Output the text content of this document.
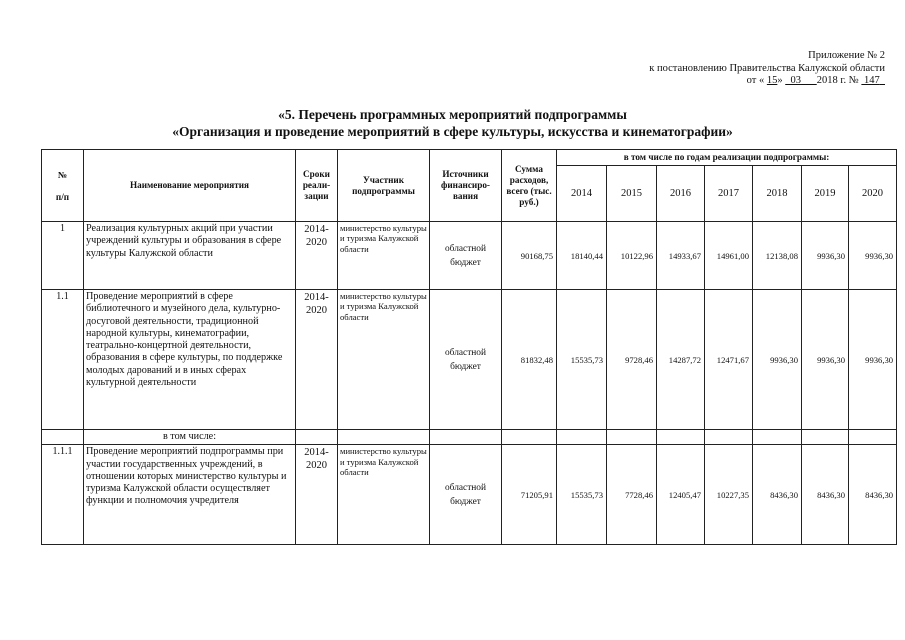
Приложение № 2
к постановлению Правительства Калужской области
от « 15» 03 2018 г. № 147
«5. Перечень программных мероприятий подпрограммы
«Организация и проведение мероприятий в сфере культуры, искусства и кинематографии»
№
п/п	Наименование мероприятия	Сроки реали-зации	Участник подпрограммы	Источники финансиро-вания	Сумма расходов, всего (тыс. руб.)	в том числе по годам реализации подпрограммы:						
						2014	2015	2016	2017	2018	2019	2020
1	Реализация культурных акций при участии учреждений культуры и образования в сфере культуры Калужской области	2014-2020	министерство культуры и туризма Калужской области	областной бюджет	90168,75	18140,44	10122,96	14933,67	14961,00	12138,08	9936,30	9936,30
1.1	Проведение мероприятий в сфере библиотечного и музейного дела, культурно-досуговой деятельности, традиционной народной культуры, кинематографии, театрально-концертной деятельности, образования в сфере культуры, по поддержке молодых дарований и в иных сферах культурной деятельности	2014-2020	министерство культуры и туризма Калужской области	областной бюджет	81832,48	15535,73	9728,46	14287,72	12471,67	9936,30	9936,30	9936,30
	в том числе:											
1.1.1	Проведение мероприятий подпрограммы при участии государственных учреждений, в отношении которых министерство культуры и туризма Калужской области осуществляет функции и полномочия учредителя	2014-2020	министерство культуры и туризма Калужской области	областной бюджет	71205,91	15535,73	7728,46	12405,47	10227,35	8436,30	8436,30	8436,30
